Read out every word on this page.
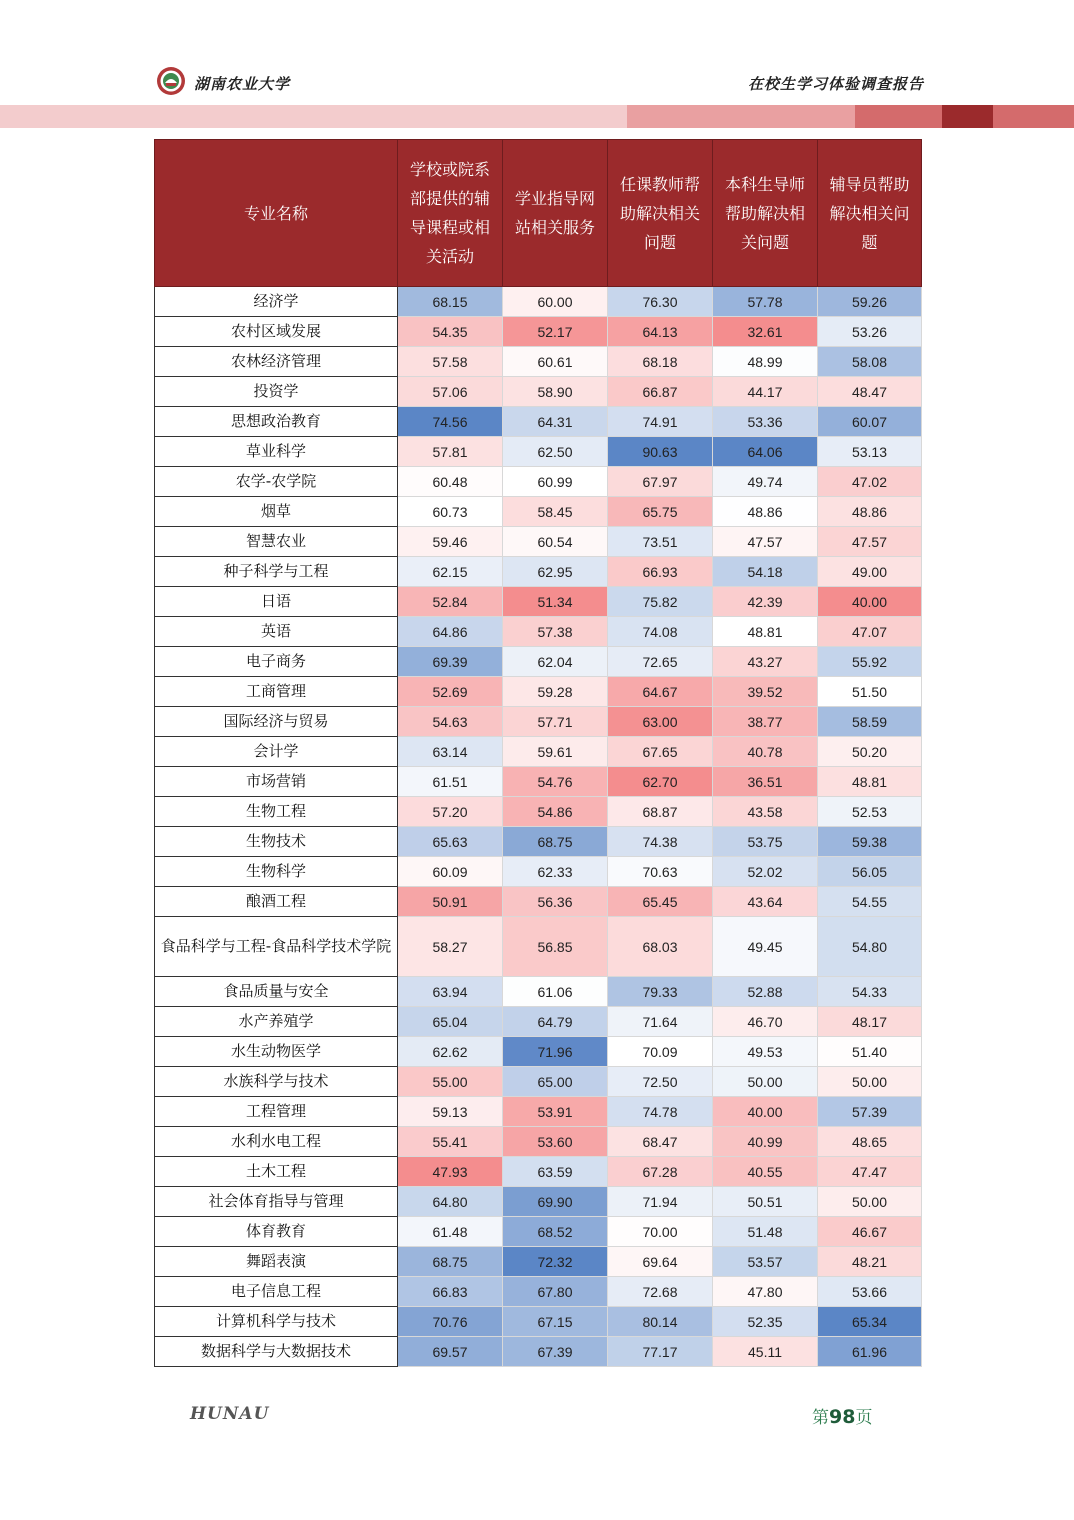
湖南农业大学	在校生学习体验调查报告
专业名称	学校或院系部提供的辅导课程或相关活动	学业指导网站相关服务	任课教师帮助解决相关问题	本科生导师帮助解决相关问题	辅导员帮助解决相关问题
经济学	68.15	60.00	76.30	57.78	59.26
农村区域发展	54.35	52.17	64.13	32.61	53.26
农林经济管理	57.58	60.61	68.18	48.99	58.08
投资学	57.06	58.90	66.87	44.17	48.47
思想政治教育	74.56	64.31	74.91	53.36	60.07
草业科学	57.81	62.50	90.63	64.06	53.13
农学-农学院	60.48	60.99	67.97	49.74	47.02
烟草	60.73	58.45	65.75	48.86	48.86
智慧农业	59.46	60.54	73.51	47.57	47.57
种子科学与工程	62.15	62.95	66.93	54.18	49.00
日语	52.84	51.34	75.82	42.39	40.00
英语	64.86	57.38	74.08	48.81	47.07
电子商务	69.39	62.04	72.65	43.27	55.92
工商管理	52.69	59.28	64.67	39.52	51.50
国际经济与贸易	54.63	57.71	63.00	38.77	58.59
会计学	63.14	59.61	67.65	40.78	50.20
市场营销	61.51	54.76	62.70	36.51	48.81
生物工程	57.20	54.86	68.87	43.58	52.53
生物技术	65.63	68.75	74.38	53.75	59.38
生物科学	60.09	62.33	70.63	52.02	56.05
酿酒工程	50.91	56.36	65.45	43.64	54.55
食品科学与工程-食品科学技术学院	58.27	56.85	68.03	49.45	54.80
食品质量与安全	63.94	61.06	79.33	52.88	54.33
水产养殖学	65.04	64.79	71.64	46.70	48.17
水生动物医学	62.62	71.96	70.09	49.53	51.40
水族科学与技术	55.00	65.00	72.50	50.00	50.00
工程管理	59.13	53.91	74.78	40.00	57.39
水利水电工程	55.41	53.60	68.47	40.99	48.65
土木工程	47.93	63.59	67.28	40.55	47.47
社会体育指导与管理	64.80	69.90	71.94	50.51	50.00
体育教育	61.48	68.52	70.00	51.48	46.67
舞蹈表演	68.75	72.32	69.64	53.57	48.21
电子信息工程	66.83	67.80	72.68	47.80	53.66
计算机科学与技术	70.76	67.15	80.14	52.35	65.34
数据科学与大数据技术	69.57	67.39	77.17	45.11	61.96
HUNAU	第98页
